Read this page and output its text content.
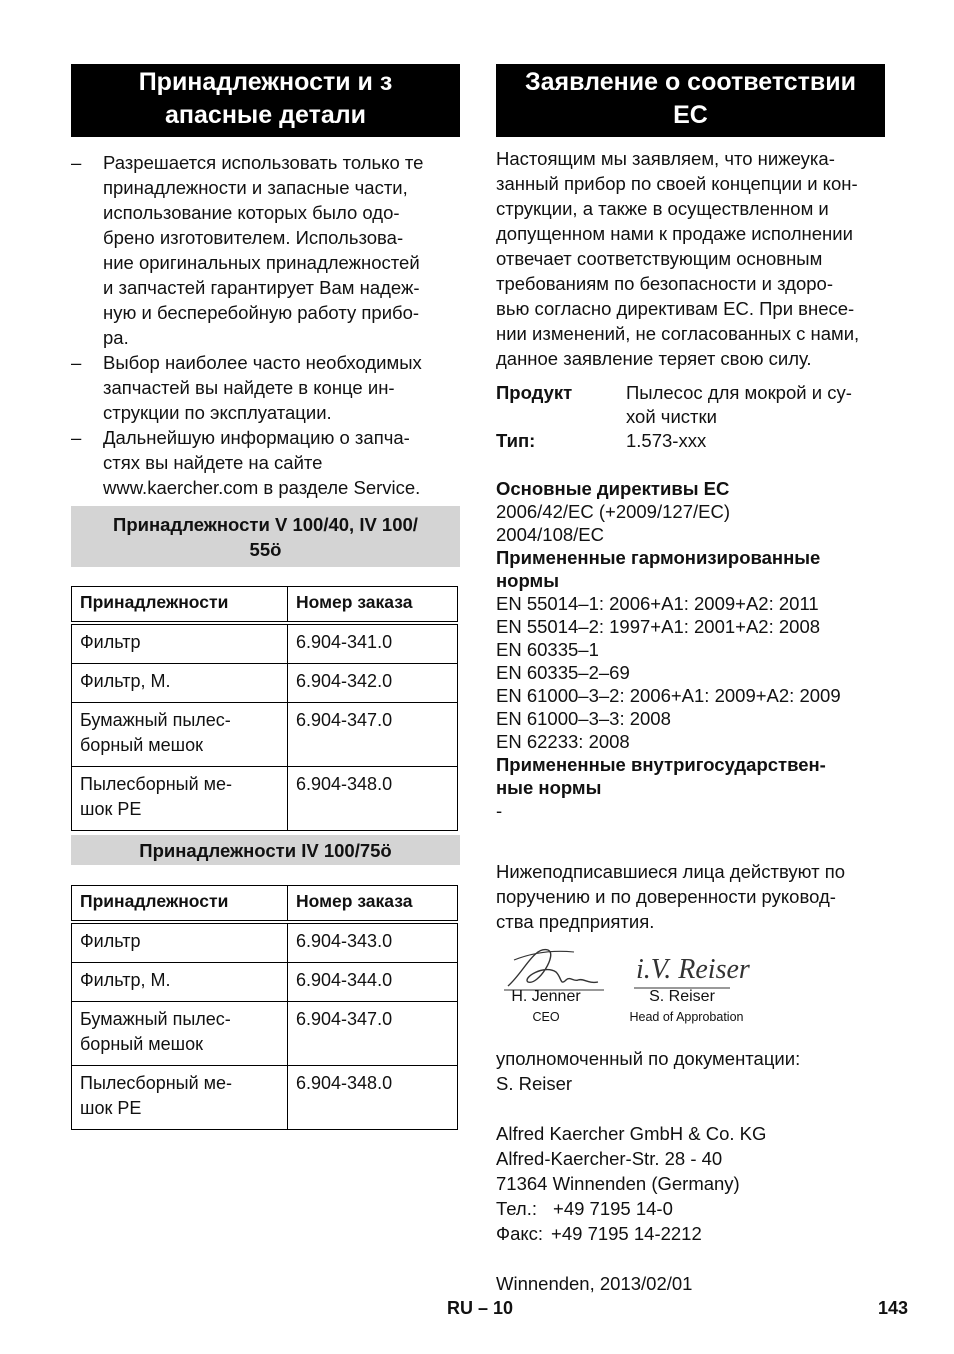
Принадлежности и з
апасные детали
– Разрешается использовать только те
принадлежности и запасные части,
использование которых было одо-
брено изготовителем. Использова-
ние оригинальных принадлежностей
и запчастей гарантирует Вам надеж-
ную и бесперебойную работу прибо-
ра.
– Выбор наиболее часто необходимых
запчастей вы найдете в конце ин-
струкции по эксплуатации.
– Дальнейшую информацию о запча-
стях вы найдете на сайте
www.kaercher.com в разделе Service.
Принадлежности V 100/40, IV 100/
55ö
Принадлежности	Номер заказа

Фильтр	6.904-341.0

Фильтр, М.	6.904-342.0

Бумажный пылес-
борный мешок	6.904-347.0

Пылесборный ме-
шок PE	6.904-348.0
Принадлежности IV 100/75ö
Принадлежности	Номер заказа

Фильтр	6.904-343.0

Фильтр, М.	6.904-344.0

Бумажный пылес-
борный мешок	6.904-347.0

Пылесборный ме-
шок PE	6.904-348.0
Заявление о соответствии
ЕС
Настоящим мы заявляем, что нижеука-
занный прибор по своей концепции и кон-
струкции, а также в осуществленном и
допущенном нами к продаже исполнении
отвечает соответствующим основным
требованиям по безопасности и здоро-
вью согласно директивам ЕС. При внесе-
нии изменений, не согласованных с нами,
данное заявление теряет свою силу.
Продукт	Пылесос для мокрой и су-
хой чистки
Тип:	1.573-xxx
Основные директивы ЕС
2006/42/EC (+2009/127/EC)
2004/108/EC
Примененные гармонизированные
нормы
EN 55014–1: 2006+A1: 2009+A2: 2011
EN 55014–2: 1997+A1: 2001+A2: 2008
EN 60335–1
EN 60335–2–69
EN 61000–3–2: 2006+A1: 2009+A2: 2009
EN 61000–3–3: 2008
EN 62233: 2008
Примененные внутригосударствен-
ные нормы
-
Нижеподписавшиеся лица действуют по
поручению и по доверенности руковод-
ства предприятия.
i.V. Reiser
H. Jenner
CEO
S. Reiser
Head of Approbation
уполномоченный по документации:
S. Reiser
Alfred Kaercher GmbH & Co. KG
Alfred-Kaercher-Str. 28 - 40
71364 Winnenden (Germany)
Тел.: +49 7195 14-0
Факс: +49 7195 14-2212
Winnenden, 2013/02/01
RU – 10	143
